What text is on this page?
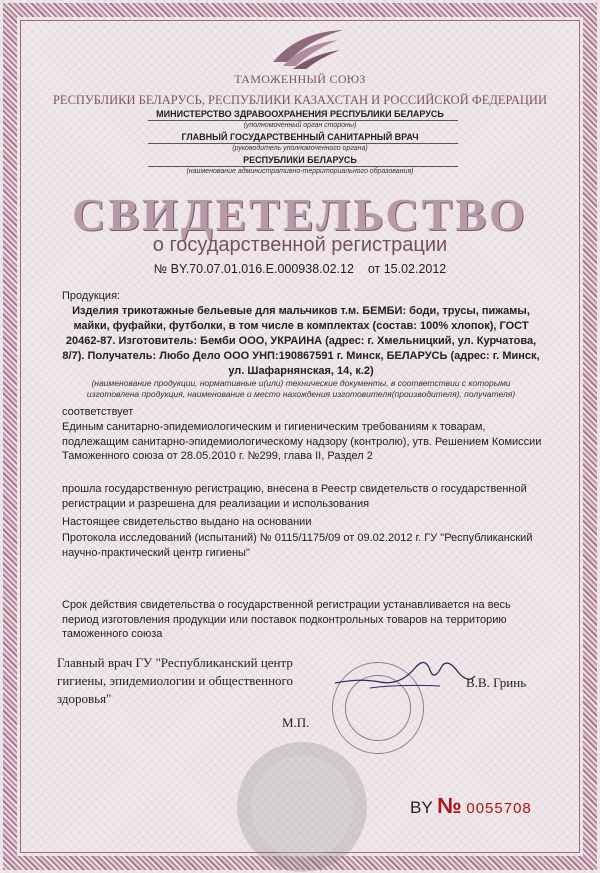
ТАМОЖЕННЫЙ СОЮЗ
РЕСПУБЛИКИ БЕЛАРУСЬ, РЕСПУБЛИКИ КАЗАХСТАН И РОССИЙСКОЙ ФЕДЕРАЦИИ
МИНИСТЕРСТВО ЗДРАВООХРАНЕНИЯ РЕСПУБЛИКИ БЕЛАРУСЬ
(уполномоченный орган стороны)
ГЛАВНЫЙ ГОСУДАРСТВЕННЫЙ САНИТАРНЫЙ ВРАЧ
(руководитель уполномоченного органа)
РЕСПУБЛИКИ БЕЛАРУСЬ
(наименование административно-территориального образования)
СВИДЕТЕЛЬСТВО
о государственной регистрации
№ BY.70.07.01.016.Е.000938.02.12 от 15.02.2012
Продукция:
Изделия трикотажные бельевые для мальчиков т.м. БЕМБИ: боди, трусы, пижамы,
майки, фуфайки, футболки, в том числе в комплектах (состав: 100% хлопок), ГОСТ
20462-87. Изготовитель: Бемби ООО, УКРАИНА (адрес: г. Хмельницкий, ул. Курчатова,
8/7). Получатель: Любо Дело ООО УНП:190867591 г. Минск, БЕЛАРУСЬ (адрес: г. Минск,
ул. Шафарнянская, 14, к.2)
(наименование продукции, нормативные и(или) технические документы, в соответствии с которыми
изготовлена продукция, наименование и место нахождения изготовителя(производителя), получателя)
соответствует
Единым санитарно-эпидемиологическим и гигиеническим требованиям к товарам,
подлежащим санитарно-эпидемиологическому надзору (контролю), утв. Решением Комиссии
Таможенного союза от 28.05.2010 г. №299, глава II, Раздел 2
прошла государственную регистрацию, внесена в Реестр свидетельств о государственной
регистрации и разрешена для реализации и использования
Настоящее свидетельство выдано на основании
Протокола исследований (испытаний) № 0115/1175/09 от 09.02.2012 г. ГУ "Республиканский
научно-практический центр гигиены"
Срок действия свидетельства о государственной регистрации устанавливается на весь
период изготовления продукции или поставок подконтрольных товаров на территорию
таможенного союза
Главный врач ГУ "Республиканский центр
гигиены, эпидемиологии и общественного
здоровья"
В.В. Гринь
М.П.
BY № 0055708
